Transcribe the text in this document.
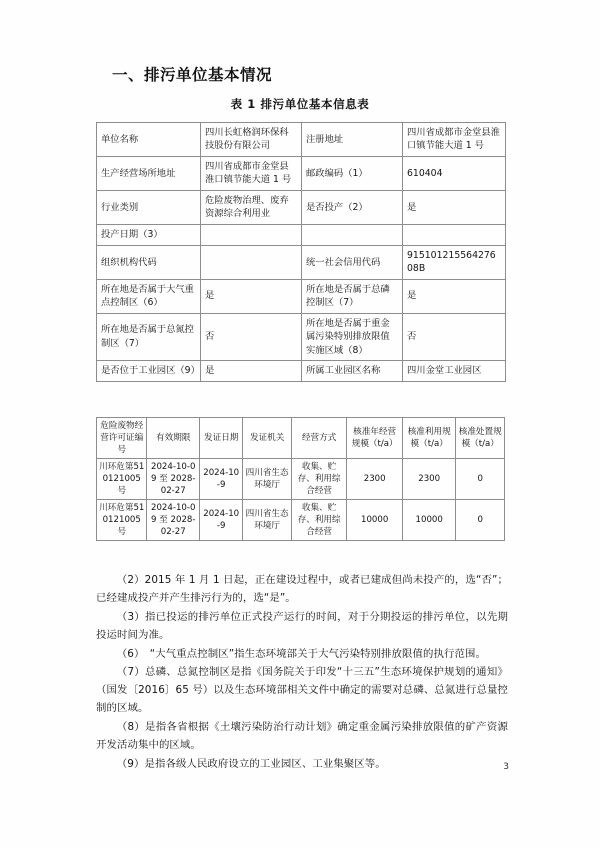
一、排污单位基本情况
表 1 排污单位基本信息表
单位名称	四川长虹格润环保科技股份有限公司	注册地址	四川省成都市金堂县淮口镇节能大道 1 号
生产经营场所地址	四川省成都市金堂县淮口镇节能大道 1 号	邮政编码（1）	610404
行业类别	危险废物治理、废弃资源综合利用业	是否投产（2）	是
投产日期（3）			
组织机构代码		统一社会信用代码	91510121556427608B
所在地是否属于大气重点控制区（6）	是	所在地是否属于总磷控制区（7）	是
所在地是否属于总氮控制区（7）	否	所在地是否属于重金属污染特别排放限值实施区域（8）	否
是否位于工业园区（9）	是	所属工业园区名称	四川金堂工业园区
危险废物经营许可证编号	有效期限	发证日期	发证机关	经营方式	核准年经营规模（t/a）	核准利用规模（t/a）	核准处置规模（t/a）
川环危第510121005 号	2024-10-09 至 2028-02-27	2024-10-9	四川省生态环境厅	收集、贮存、利用综合经营	2300	2300	0
川环危第510121005 号	2024-10-09 至 2028-02-27	2024-10-9	四川省生态环境厅	收集、贮存、利用综合经营	10000	10000	0

（2）2015 年 1 月 1 日起，正在建设过程中，或者已建成但尚未投产的，选“否”；已经建成投产并产生排污行为的，选“是”。

（3）指已投运的排污单位正式投产运行的时间，对于分期投运的排污单位，以先期投运时间为准。

（6）　“大气重点控制区”指生态环境部关于大气污染特别排放限值的执行范围。

（7）总磷、总氮控制区是指《国务院关于印发“十三五”生态环境保护规划的通知》（国发〔2016〕65 号）以及生态环境部相关文件中确定的需要对总磷、总氮进行总量控制的区域。

（8）是指各省根据《土壤污染防治行动计划》确定重金属污染排放限值的矿产资源开发活动集中的区域。

（9）是指各级人民政府设立的工业园区、工业集聚区等。	3
